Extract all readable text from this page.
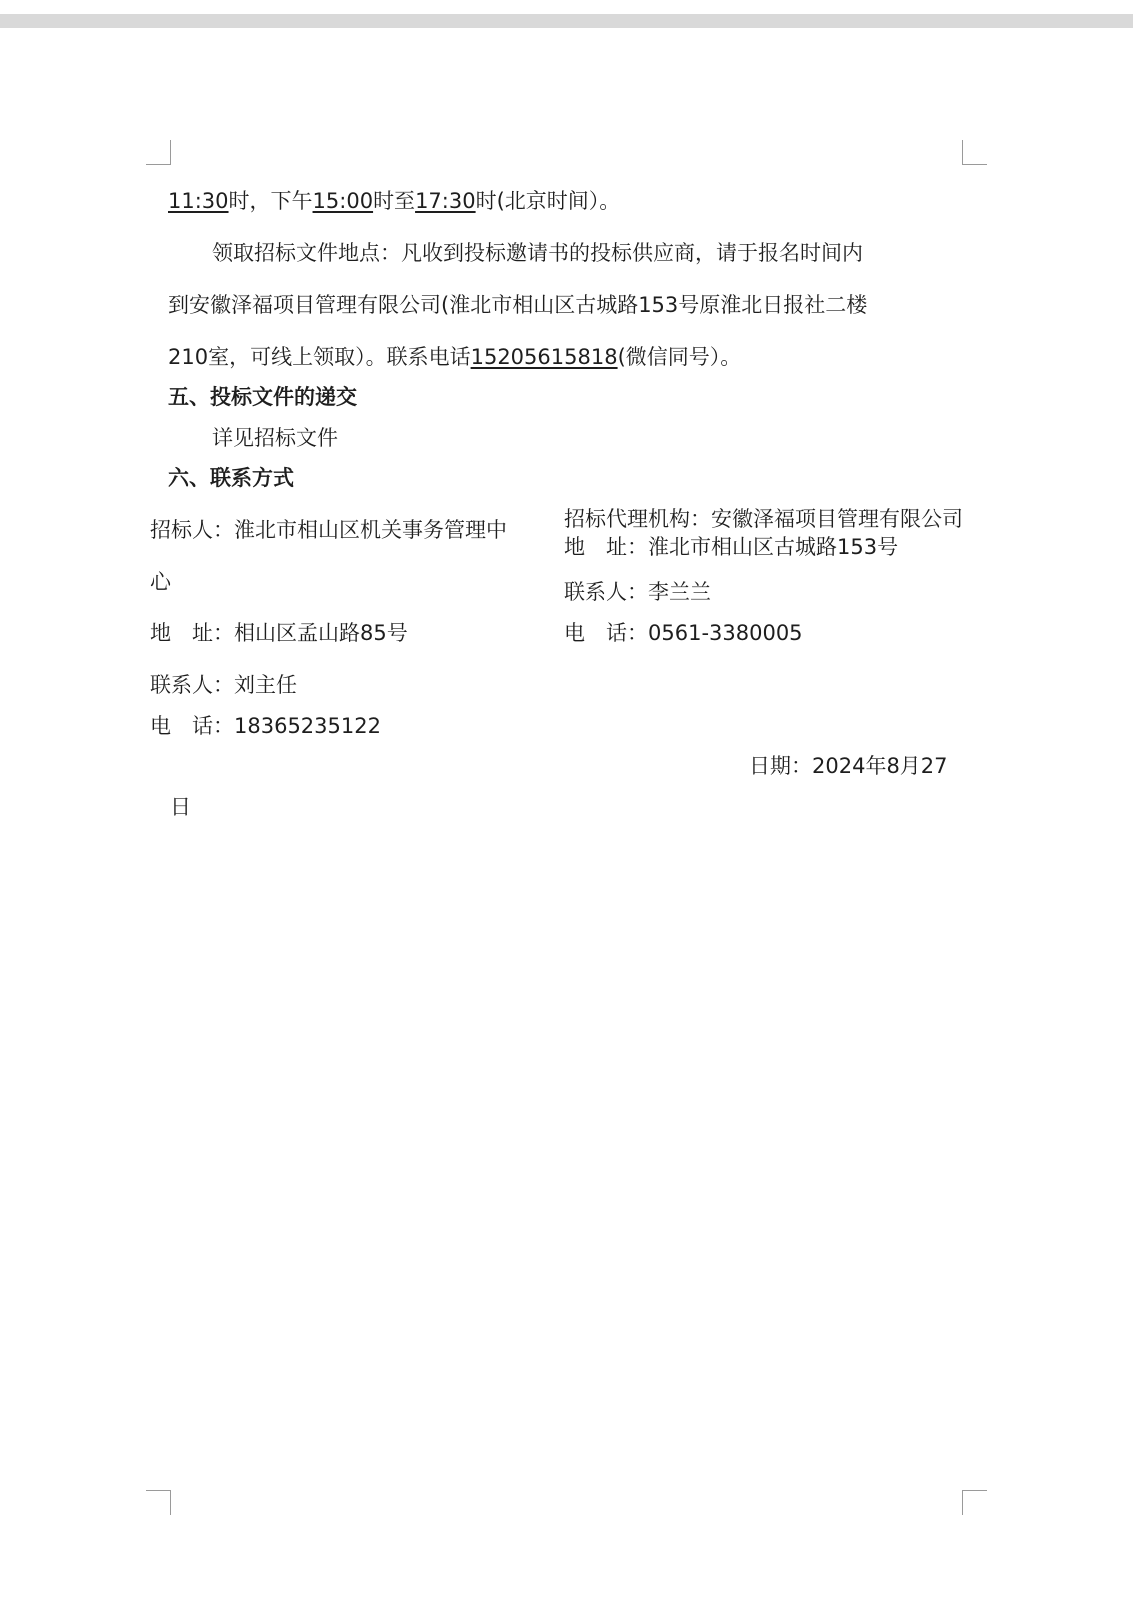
11:30时，下午15:00时至17:30时(北京时间）。
领取招标文件地点：凡收到投标邀请书的投标供应商，请于报名时间内
到安徽泽福项目管理有限公司(淮北市相山区古城路153号原淮北日报社二楼
210室，可线上领取）。联系电话15205615818(微信同号）。
五、投标文件的递交
详见招标文件
六、联系方式
招标人：淮北市相山区机关事务管理中
心
地　址：相山区孟山路85号
联系人：刘主任
电　话：18365235122
招标代理机构：安徽泽福项目管理有限公司
地　址：淮北市相山区古城路153号
联系人：李兰兰
电　话：0561-3380005
日期：2024年8月27
日
